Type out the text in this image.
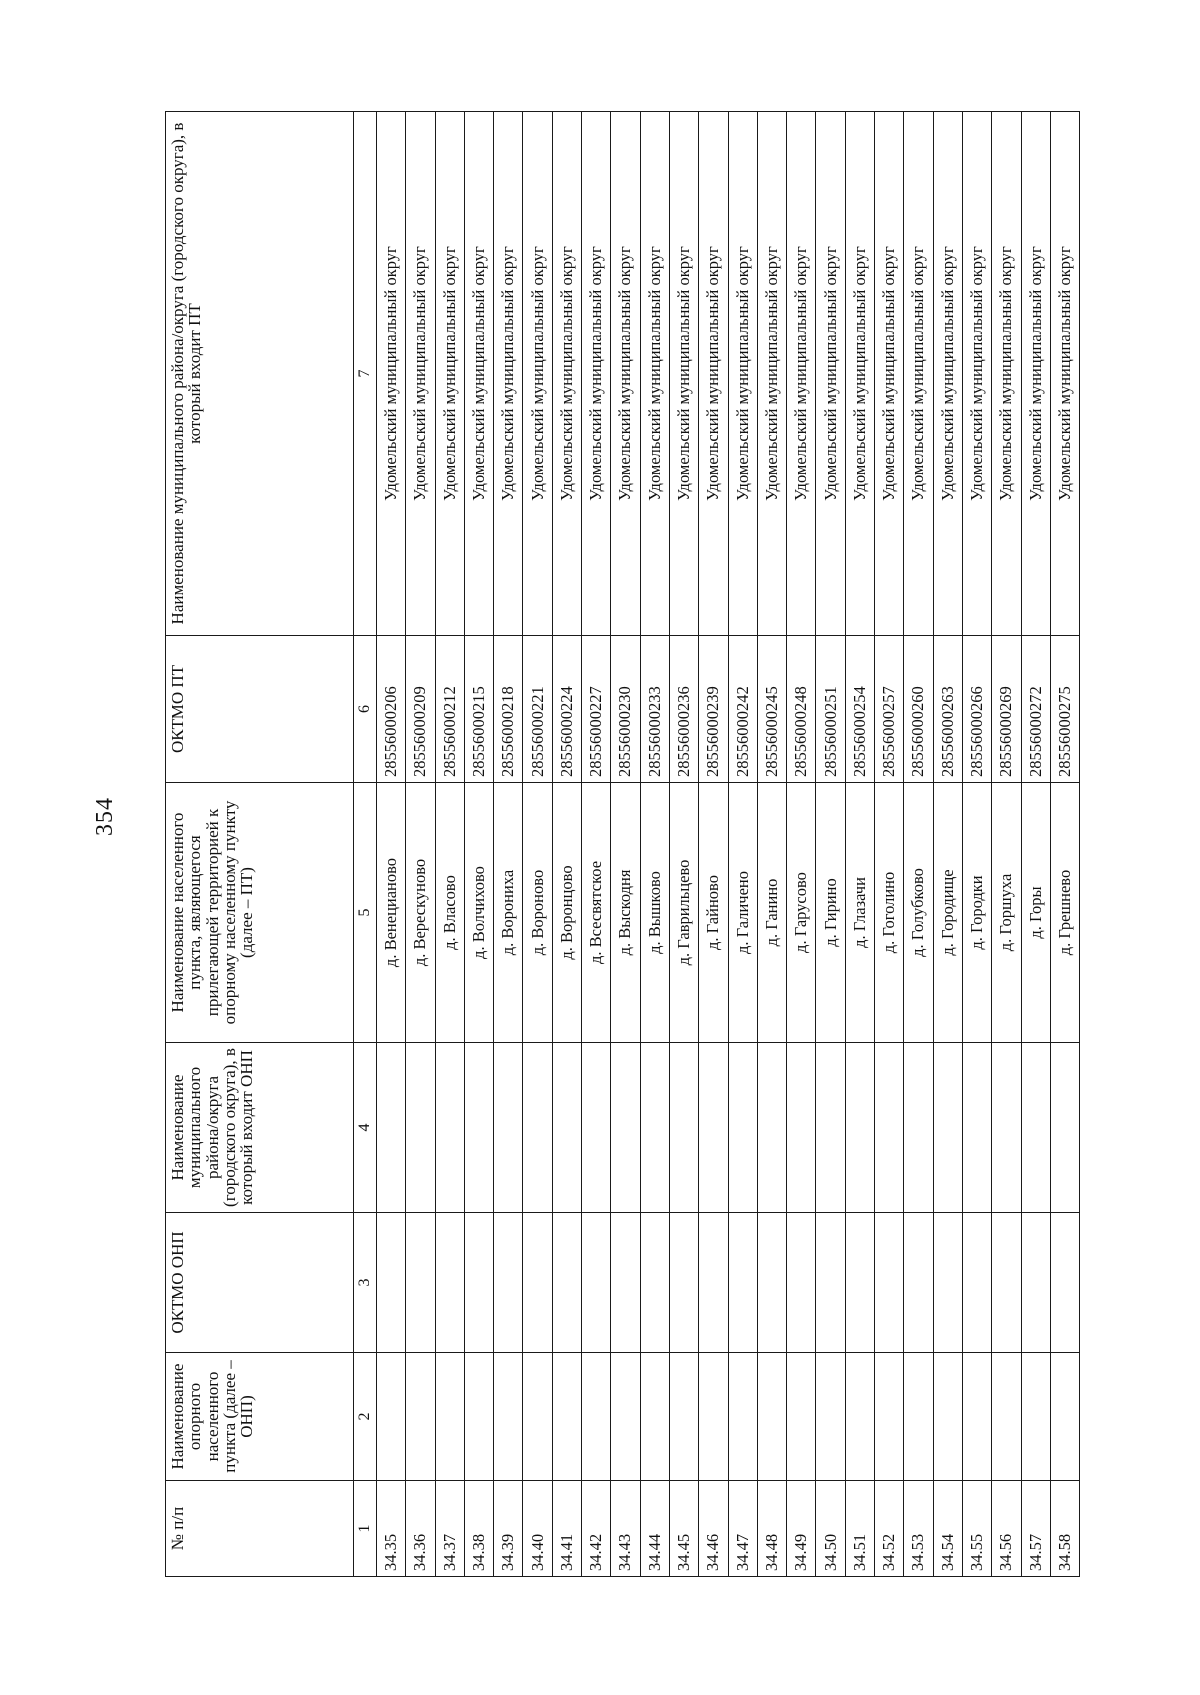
354
№ п/п	Наименование опорного населенного пункта (далее – ОНП)	ОКТМО ОНП	Наименование муниципального района/округа (городского округа), в который входит ОНП	Наименование населенного пункта, являющегося прилегающей территорией к опорному населенному пункту (далее – ПТ)	ОКТМО ПТ	Наименование муниципального района/округа (городского округа), в который входит ПТ
1	2	3	4	5	6	7
34.35				д. Венецианово	28556000206	Удомельский муниципальный округ
34.36				д. Верескуново	28556000209	Удомельский муниципальный округ
34.37				д. Власово	28556000212	Удомельский муниципальный округ
34.38				д. Волчихово	28556000215	Удомельский муниципальный округ
34.39				д. Ворониха	28556000218	Удомельский муниципальный округ
34.40				д. Вороново	28556000221	Удомельский муниципальный округ
34.41				д. Воронцово	28556000224	Удомельский муниципальный округ
34.42				д. Всесвятское	28556000227	Удомельский муниципальный округ
34.43				д. Выскодня	28556000230	Удомельский муниципальный округ
34.44				д. Вышково	28556000233	Удомельский муниципальный округ
34.45				д. Гаврильцево	28556000236	Удомельский муниципальный округ
34.46				д. Гайново	28556000239	Удомельский муниципальный округ
34.47				д. Галичено	28556000242	Удомельский муниципальный округ
34.48				д. Ганино	28556000245	Удомельский муниципальный округ
34.49				д. Гарусово	28556000248	Удомельский муниципальный округ
34.50				д. Гирино	28556000251	Удомельский муниципальный округ
34.51				д. Глазачи	28556000254	Удомельский муниципальный округ
34.52				д. Гоголино	28556000257	Удомельский муниципальный округ
34.53				д. Голубково	28556000260	Удомельский муниципальный округ
34.54				д. Городище	28556000263	Удомельский муниципальный округ
34.55				д. Городки	28556000266	Удомельский муниципальный округ
34.56				д. Горшуха	28556000269	Удомельский муниципальный округ
34.57				д. Горы	28556000272	Удомельский муниципальный округ
34.58				д. Грешнево	28556000275	Удомельский муниципальный округ
